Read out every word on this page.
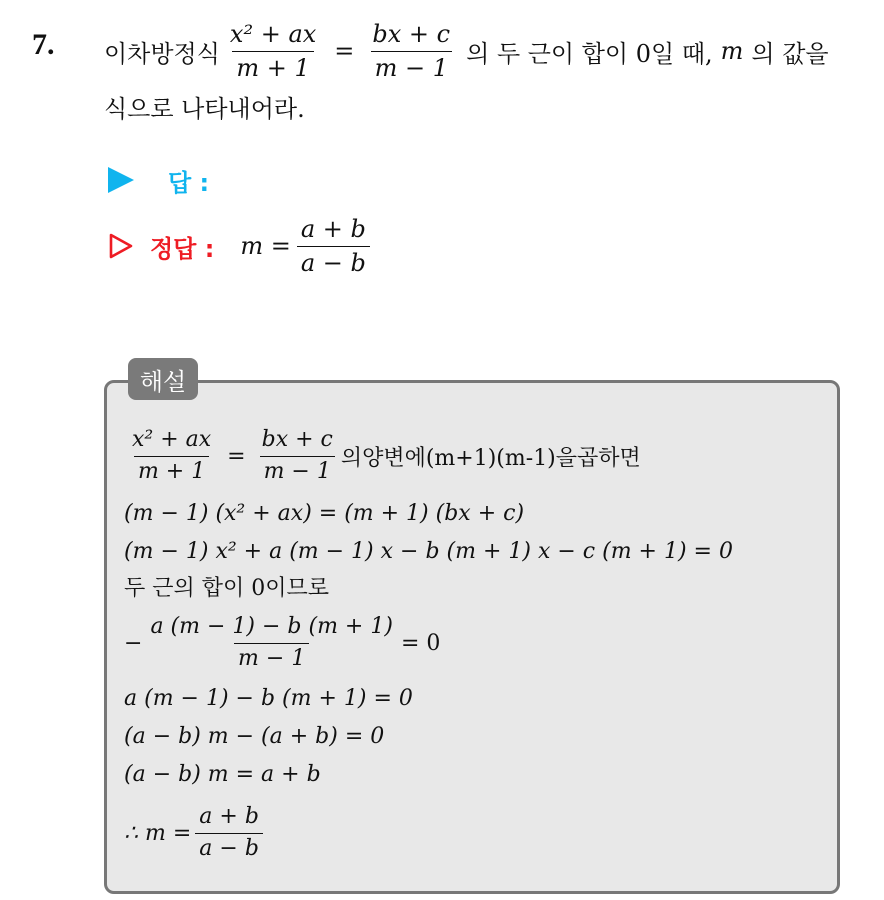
7. 이차방정식 $\frac{\text{x² + ax}}{m + 1} = \frac{bx + c}{m - 1}$ 의 두 근이 합이 0일 때, m 의 값을
식으로 나타내어라.
답 :
정답 : $m = \frac{a + b}{a - b}$
해설
$\frac{\text{x² + ax}}{m + 1} = \frac{bx + c}{m - 1}$ 의양변에(m+1)(m-1)을곱하면
(m − 1) (x² + ax) = (m + 1) (bx + c)
(m − 1) x² + a (m − 1) x − b (m + 1) x − c (m + 1) = 0
두 근의 합이 0이므로
− $\frac{a (m - 1) - b (m + 1)}{m - 1} = 0$
a (m − 1) − b (m + 1) = 0
(a − b) m − (a + b) = 0
(a − b) m = a + b
∴ $m = \frac{a + b}{a - b}$
